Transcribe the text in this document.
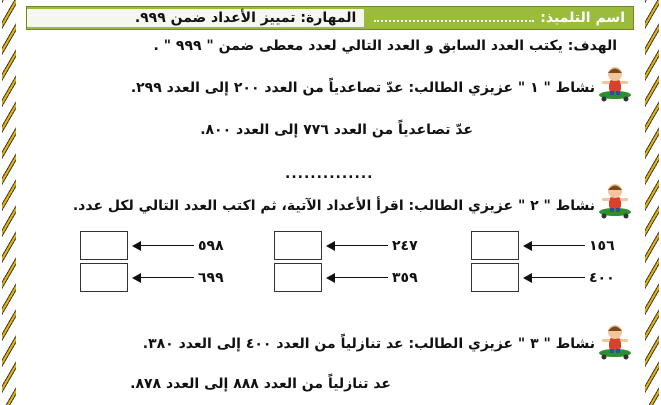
اسم التلميذ:
المهارة: تمييز الأعداد ضمن ٩٩٩.
الهدف: يكتب العدد السابق و العدد التالي لعدد معطى ضمن " ٩٩٩ " .
نشاط " ١ " عزيزي الطالب: عدّ تصاعدياً من العدد ٢٠٠ إلى العدد ٢٩٩.
عدّ تصاعدياً من العدد ٧٧٦ إلى العدد ٨٠٠.
..............
نشاط " ٢ " عزيزي الطالب: اقرأ الأعداد الآتية، ثم اكتب العدد التالي لكل عدد.
١٥٦
٢٤٧
٥٩٨
٤٠٠
٣٥٩
٦٩٩
نشاط " ٣ " عزيزي الطالب: عد تنازلياً من العدد ٤٠٠ إلى العدد ٣٨٠.
عد تنازلياً من العدد ٨٨٨ إلى العدد ٨٧٨.
